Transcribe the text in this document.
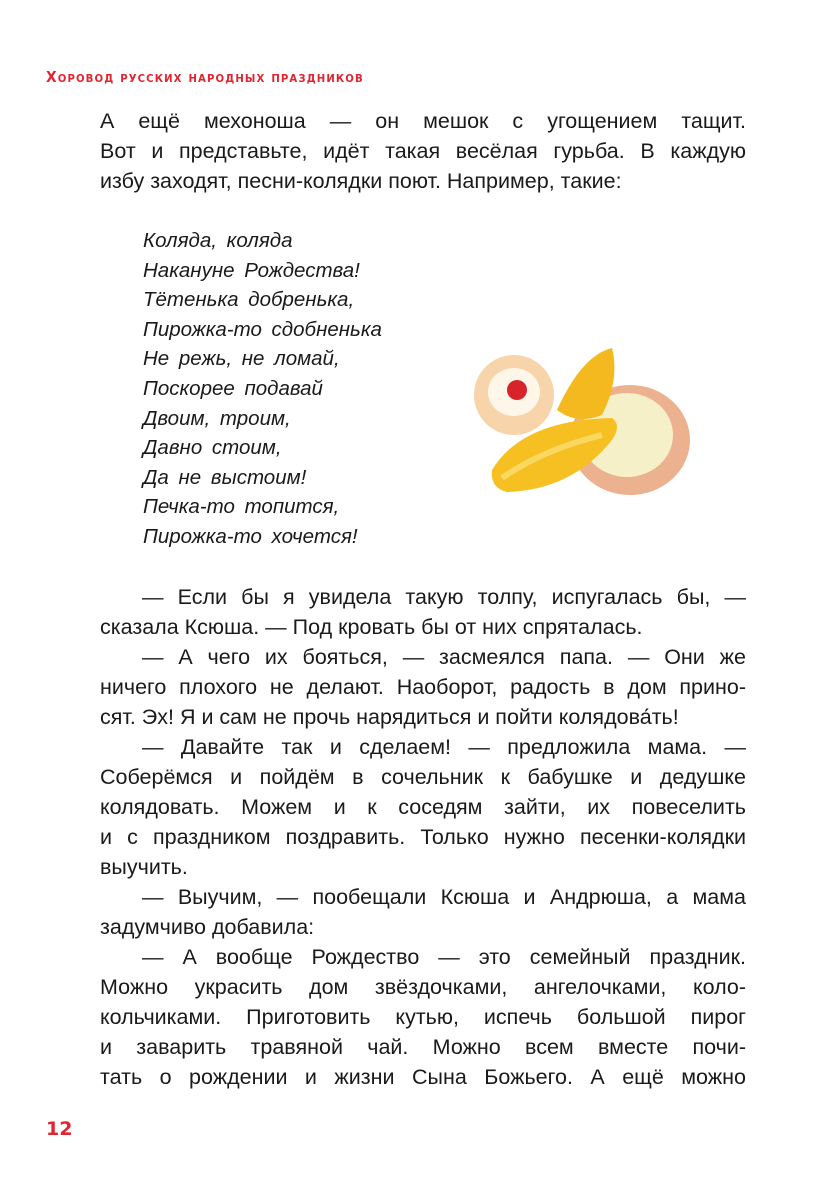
Хоровод русских народных праздников
А ещё мехоноша — он мешок с угощением тащит.
Вот и представьте, идёт такая весёлая гурьба. В каждую
избу заходят, песни-колядки поют. Например, такие:
Коляда, коляда
Накануне Рождества!
Тётенька добренька,
Пирожка-то сдобненька
Не режь, не ломай,
Поскорее подавай
Двоим, троим,
Давно стоим,
Да не выстоим!
Печка-то топится,
Пирожка-то хочется!
— Если бы я увидела такую толпу, испугалась бы, —
сказала Ксюша. — Под кровать бы от них спряталась.
— А чего их бояться, — засмеялся папа. — Они же
ничего плохого не делают. Наоборот, радость в дом прино-
сят. Эх! Я и сам не прочь нарядиться и пойти колядова́ть!
— Давайте так и сделаем! — предложила мама. —
Соберёмся и пойдём в сочельник к бабушке и дедушке
колядовать. Можем и к соседям зайти, их повеселить
и с праздником поздравить. Только нужно песенки-колядки
выучить.
— Выучим, — пообещали Ксюша и Андрюша, а мама
задумчиво добавила:
— А вообще Рождество — это семейный праздник.
Можно украсить дом звёздочками, ангелочками, коло-
кольчиками. Приготовить кутью, испечь большой пирог
и заварить травяной чай. Можно всем вместе почи-
тать о рождении и жизни Сына Божьего. А ещё можно
12
